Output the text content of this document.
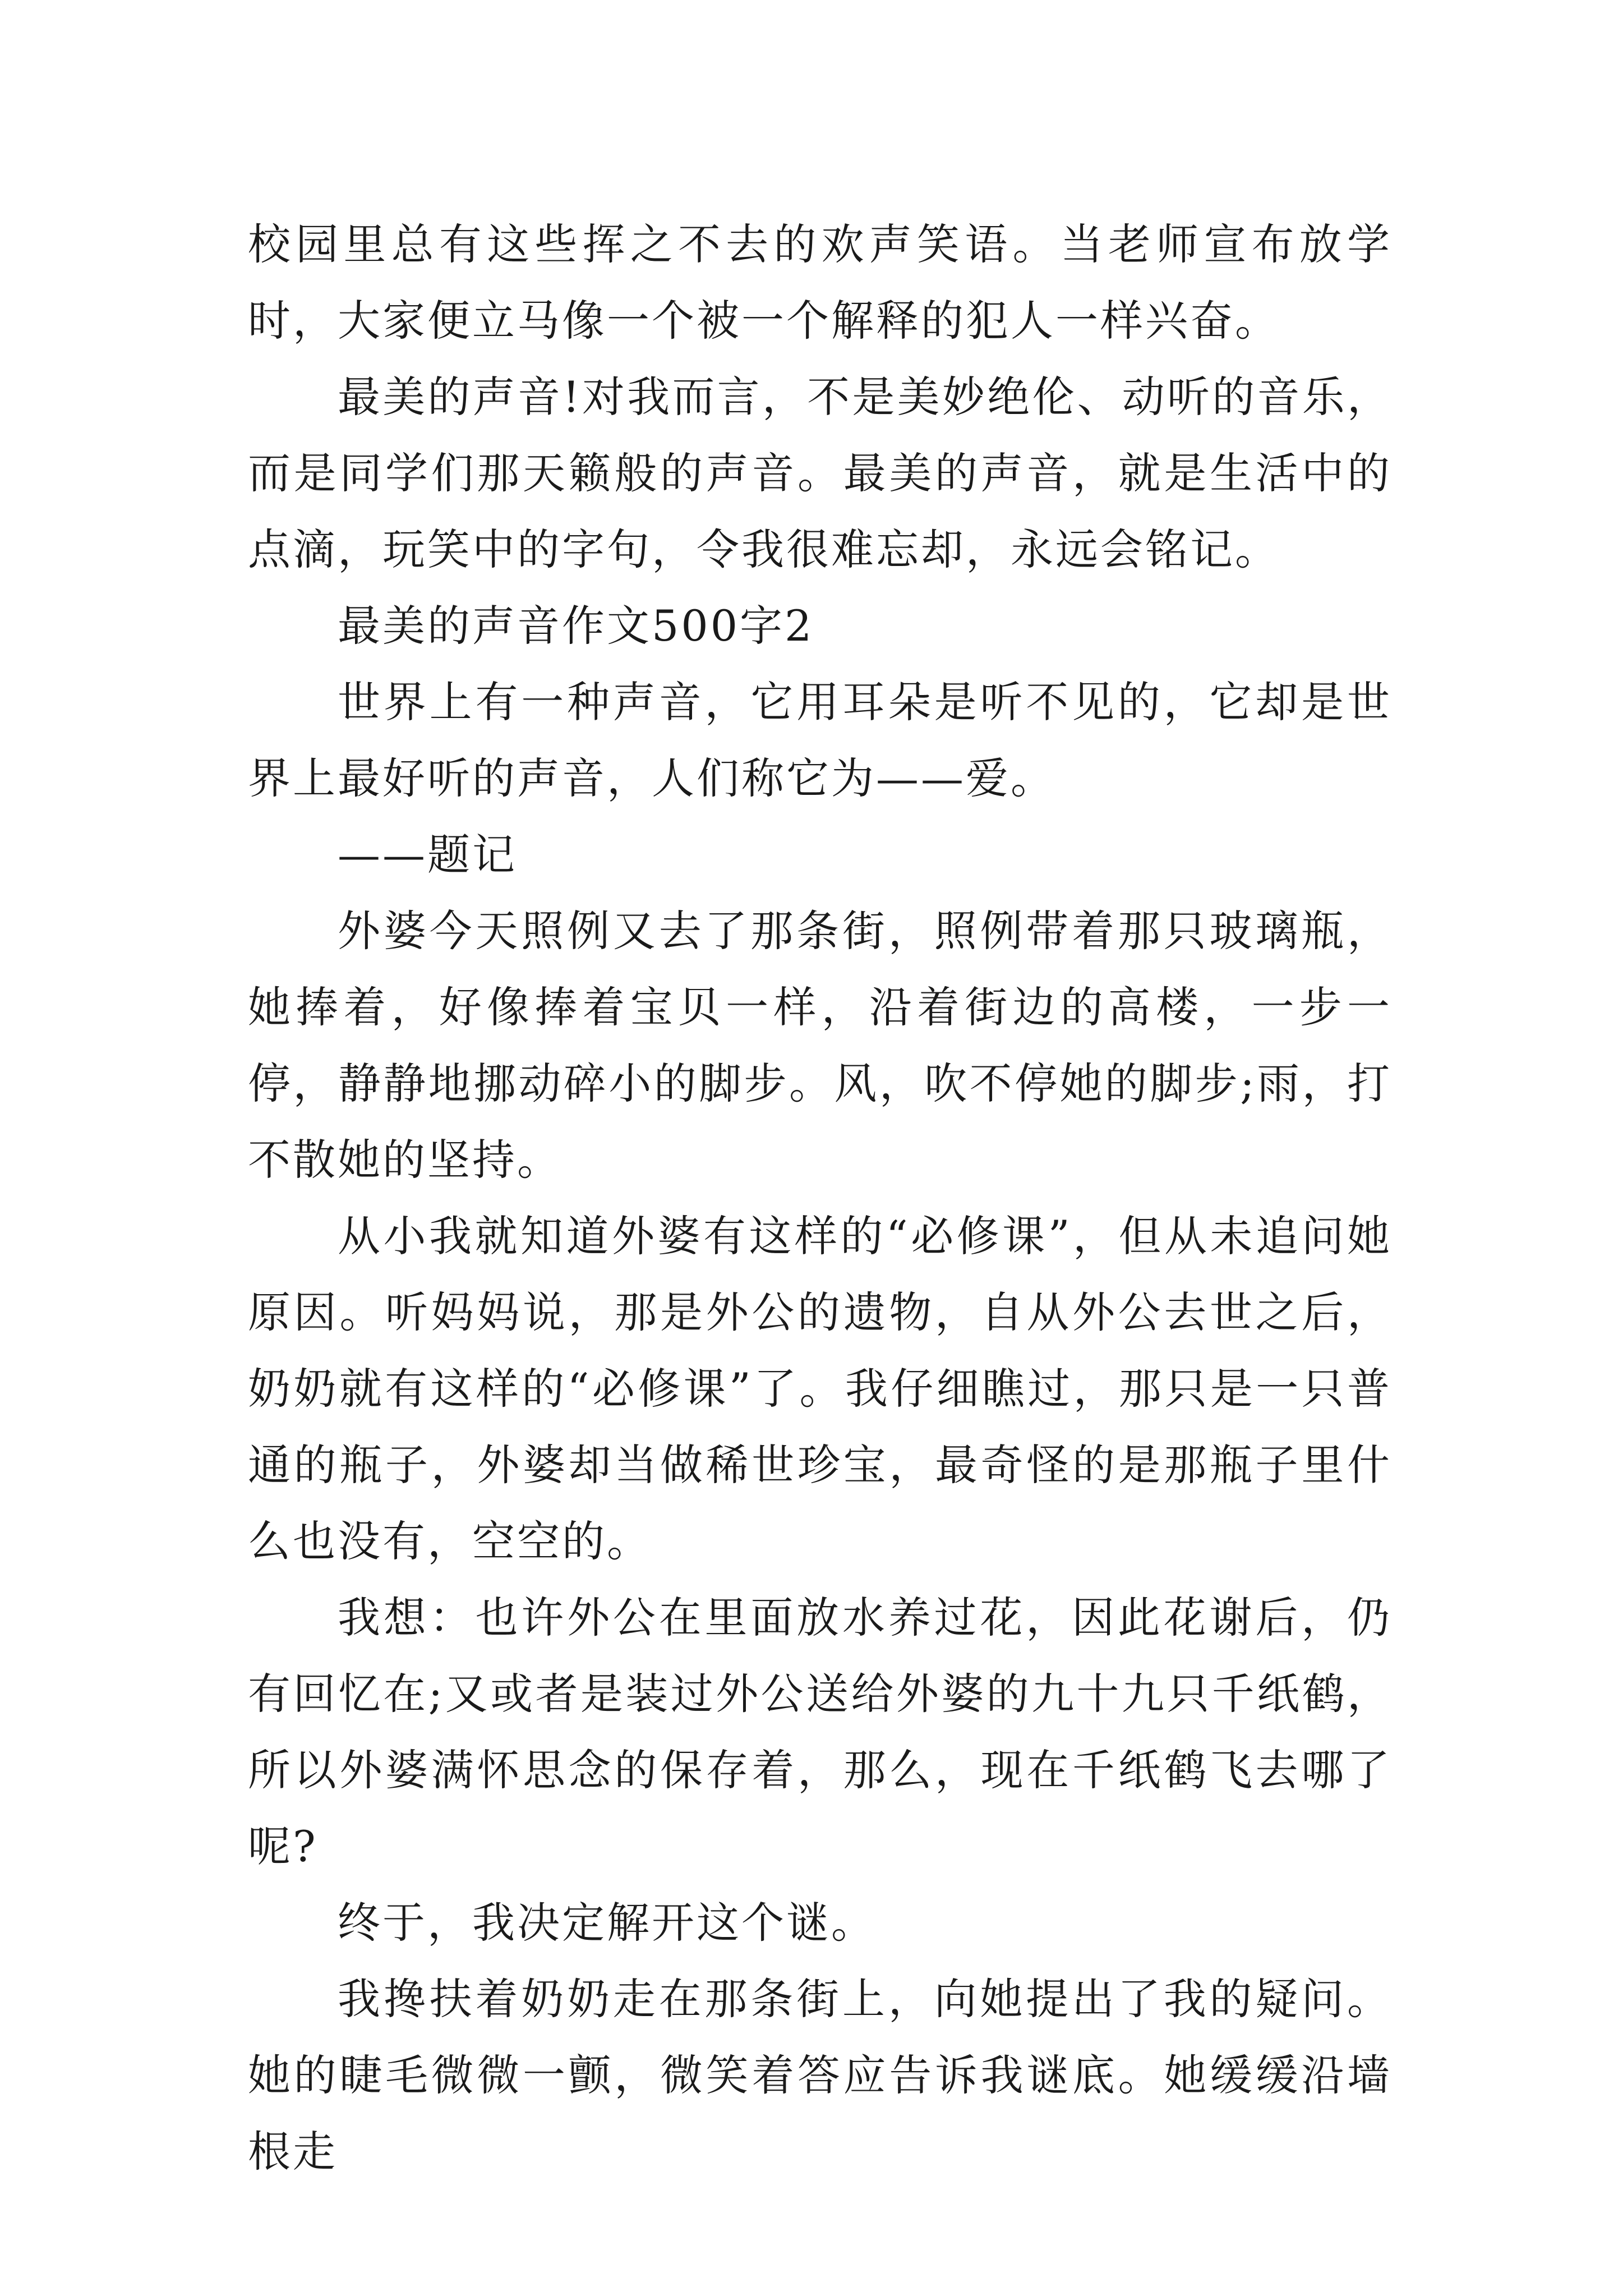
校园里总有这些挥之不去的欢声笑语。当老师宣布放学时，大家便立马像一个被一个解释的犯人一样兴奋。

最美的声音!对我而言，不是美妙绝伦、动听的音乐，而是同学们那天籁般的声音。最美的声音，就是生活中的点滴，玩笑中的字句，令我很难忘却，永远会铭记。

最美的声音作文500字2

世界上有一种声音，它用耳朵是听不见的，它却是世界上最好听的声音，人们称它为——爱。

——题记

外婆今天照例又去了那条街，照例带着那只玻璃瓶，她捧着，好像捧着宝贝一样，沿着街边的高楼，一步一停，静静地挪动碎小的脚步。风，吹不停她的脚步;雨，打不散她的坚持。

从小我就知道外婆有这样的“必修课”，但从未追问她原因。听妈妈说，那是外公的遗物，自从外公去世之后，奶奶就有这样的“必修课”了。我仔细瞧过，那只是一只普通的瓶子，外婆却当做稀世珍宝，最奇怪的是那瓶子里什么也没有，空空的。

我想：也许外公在里面放水养过花，因此花谢后，仍有回忆在;又或者是装过外公送给外婆的九十九只千纸鹤，所以外婆满怀思念的保存着，那么，现在千纸鹤飞去哪了呢?

终于，我决定解开这个谜。

我搀扶着奶奶走在那条街上，向她提出了我的疑问。她的睫毛微微一颤，微笑着答应告诉我谜底。她缓缓沿墙根走
